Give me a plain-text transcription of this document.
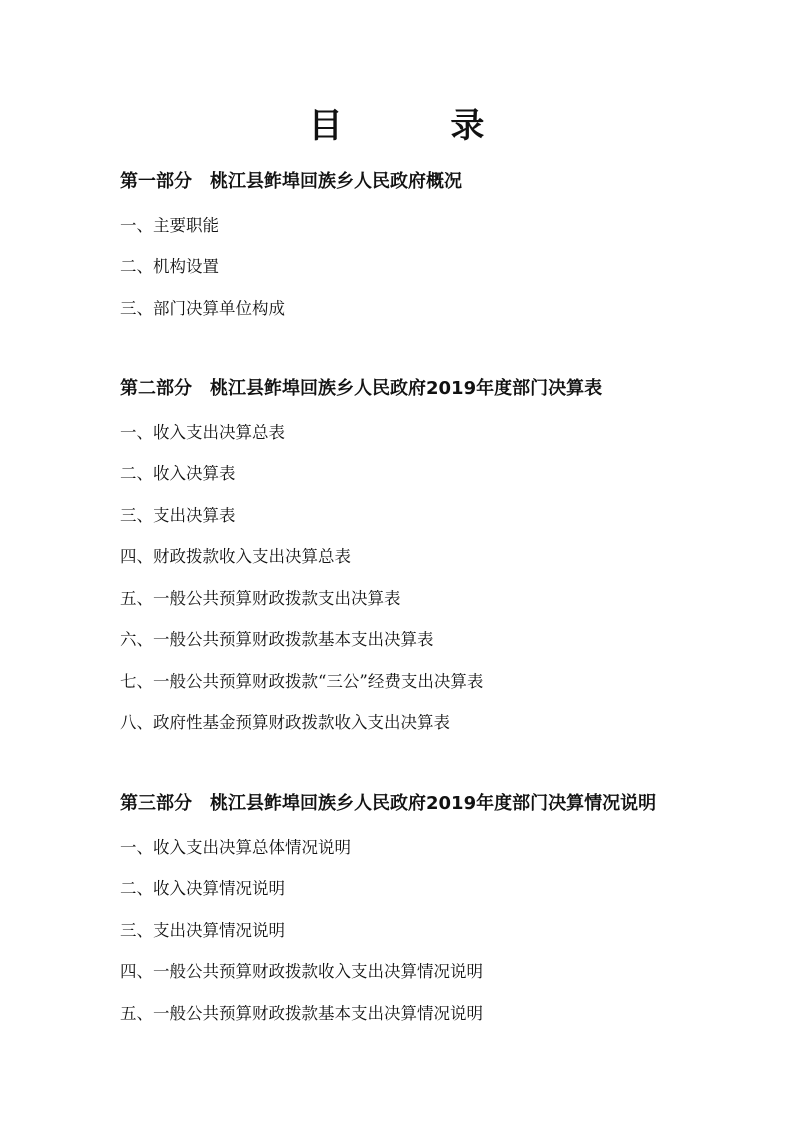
目 录
第一部分 桃江县鲊埠回族乡人民政府概况
一、主要职能
二、机构设置
三、部门决算单位构成
第二部分 桃江县鲊埠回族乡人民政府2019年度部门决算表
一、收入支出决算总表
二、收入决算表
三、支出决算表
四、财政拨款收入支出决算总表
五、一般公共预算财政拨款支出决算表
六、一般公共预算财政拨款基本支出决算表
七、一般公共预算财政拨款“三公”经费支出决算表
八、政府性基金预算财政拨款收入支出决算表
第三部分 桃江县鲊埠回族乡人民政府2019年度部门决算情况说明
一、收入支出决算总体情况说明
二、收入决算情况说明
三、支出决算情况说明
四、一般公共预算财政拨款收入支出决算情况说明
五、一般公共预算财政拨款基本支出决算情况说明
